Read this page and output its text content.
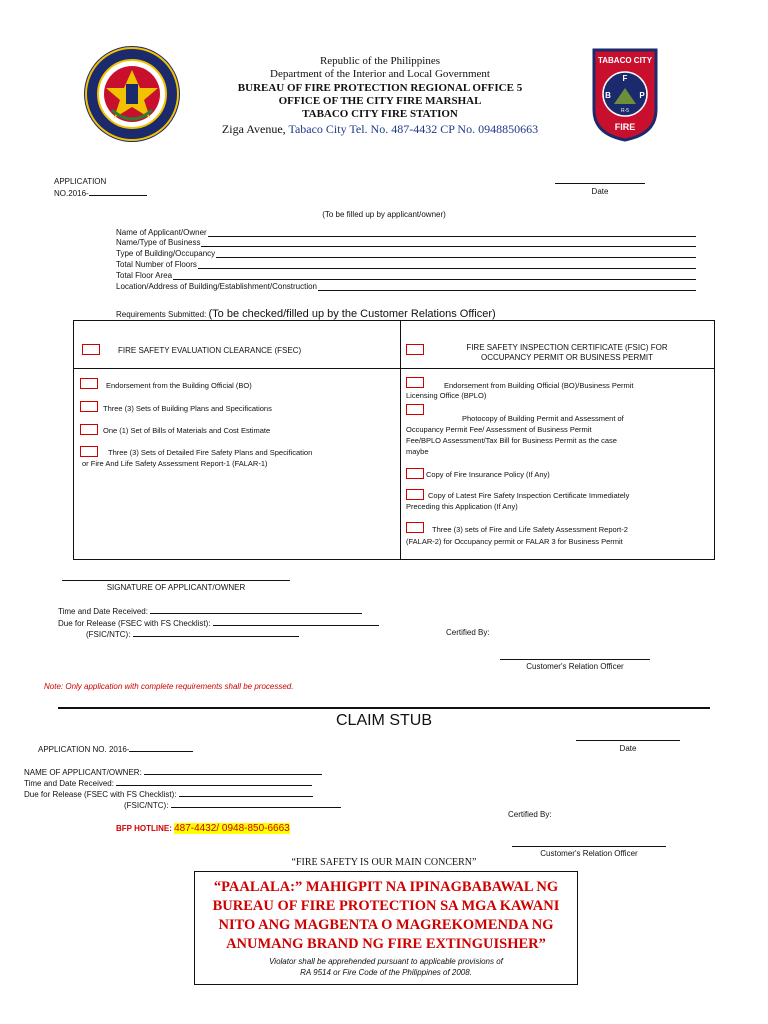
TABACO CITY
F
B	P
R-5
FIRE
Republic of the Philippines
Department of the Interior and Local Government
BUREAU OF FIRE PROTECTION REGIONAL OFFICE 5
OFFICE OF THE CITY FIRE MARSHAL
TABACO CITY FIRE STATION
Ziga Avenue, Tabaco City Tel. No. 487-4432 CP No. 0948850663
APPLICATION
NO.2016-	Date
(To be filled up by applicant/owner)
Name of Applicant/Owner
Name/Type of Business
Type of Building/Occupancy
Total Number of Floors
Total Floor Area
Location/Address of Building/Establishment/Construction
Requirements Submitted: (To be checked/filled up by the Customer Relations Officer)
FIRE SAFETY EVALUATION CLEARANCE (FSEC)	FIRE SAFETY INSPECTION CERTIFICATE (FSIC) FOR
OCCUPANCY PERMIT OR BUSINESS PERMIT
Endorsement from the Building Official (BO)
Three (3) Sets of Building Plans and Specifications
One (1) Set of Bills of Materials and Cost Estimate
Three (3) Sets of Detailed Fire Safety Plans and Specification
or Fire And Life Safety Assessment Report-1 (FALAR-1)
Endorsement from Building Official (BO)/Business Permit
Licensing Office (BPLO)
Photocopy of Building Permit and Assessment of
Occupancy Permit Fee/ Assessment of Business Permit
Fee/BPLO Assessment/Tax Bill for Business Permit as the case
maybe
Copy of Fire Insurance Policy (If Any)
Copy of Latest Fire Safety Inspection Certificate Immediately
Preceding this Application (If Any)
Three (3) sets of Fire and Life Safety Assessment Report-2
(FALAR-2) for Occupancy permit or FALAR 3 for Business Permit
SIGNATURE OF APPLICANT/OWNER
Time and Date Received:
Due for Release (FSEC with FS Checklist):
(FSIC/NTC):	Certified By:
Customer's Relation Officer
Note: Only application with complete requirements shall be processed.
CLAIM STUB
APPLICATION NO. 2016-	Date
NAME OF APPLICANT/OWNER:
Time and Date Received:
Due for Release (FSEC with FS Checklist):
(FSIC/NTC):
Certified By:
BFP HOTLINE: 487-4432/ 0948-850-6663
Customer's Relation Officer
“FIRE SAFETY IS OUR MAIN CONCERN”
“PAALALA:” MAHIGPIT NA IPINAGBABAWAL NG
BUREAU OF FIRE PROTECTION SA MGA KAWANI
NITO ANG MAGBENTA O MAGREKOMENDA NG
ANUMANG BRAND NG FIRE EXTINGUISHER”
Violator shall be apprehended pursuant to applicable provisions of
RA 9514 or Fire Code of the Philippines of 2008.
